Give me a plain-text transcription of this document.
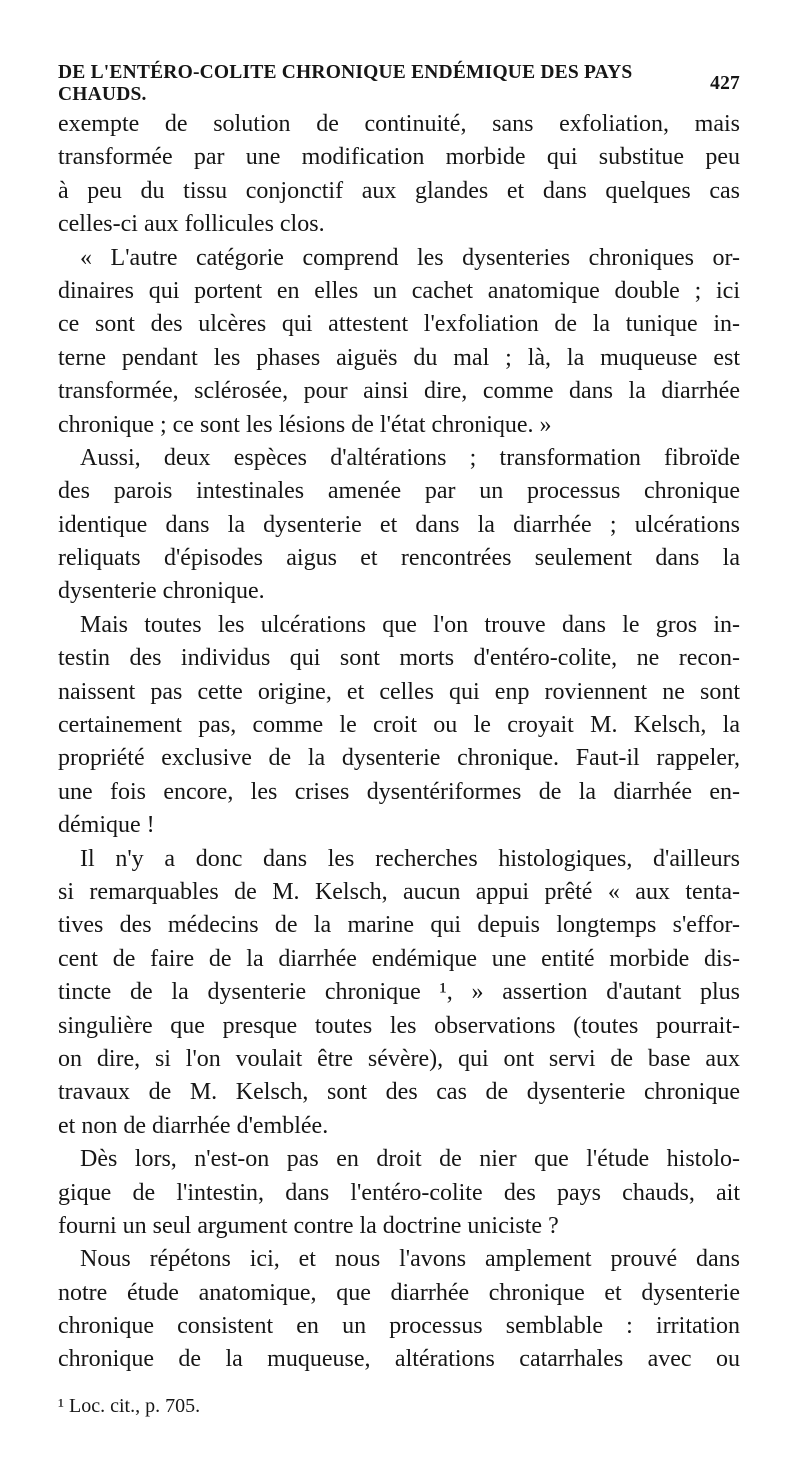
DE L'ENTÉRO-COLITE CHRONIQUE ENDÉMIQUE DES PAYS CHAUDS.
427
exempte de solution de continuité, sans exfoliation, mais
transformée par une modification morbide qui substitue peu
à peu du tissu conjonctif aux glandes et dans quelques cas
celles-ci aux follicules clos.
« L'autre catégorie comprend les dysenteries chroniques or-
dinaires qui portent en elles un cachet anatomique double ; ici
ce sont des ulcères qui attestent l'exfoliation de la tunique in-
terne pendant les phases aiguës du mal ; là, la muqueuse est
transformée, sclérosée, pour ainsi dire, comme dans la diarrhée
chronique ; ce sont les lésions de l'état chronique. »
Aussi, deux espèces d'altérations ; transformation fibroïde
des parois intestinales amenée par un processus chronique
identique dans la dysenterie et dans la diarrhée ; ulcérations
reliquats d'épisodes aigus et rencontrées seulement dans la
dysenterie chronique.
Mais toutes les ulcérations que l'on trouve dans le gros in-
testin des individus qui sont morts d'entéro-colite, ne recon-
naissent pas cette origine, et celles qui enp roviennent ne sont
certainement pas, comme le croit ou le croyait M. Kelsch, la
propriété exclusive de la dysenterie chronique. Faut-il rappeler,
une fois encore, les crises dysentériformes de la diarrhée en-
démique !
Il n'y a donc dans les recherches histologiques, d'ailleurs
si remarquables de M. Kelsch, aucun appui prêté « aux tenta-
tives des médecins de la marine qui depuis longtemps s'effor-
cent de faire de la diarrhée endémique une entité morbide dis-
tincte de la dysenterie chronique ¹, » assertion d'autant plus
singulière que presque toutes les observations (toutes pourrait-
on dire, si l'on voulait être sévère), qui ont servi de base aux
travaux de M. Kelsch, sont des cas de dysenterie chronique
et non de diarrhée d'emblée.
Dès lors, n'est-on pas en droit de nier que l'étude histolo-
gique de l'intestin, dans l'entéro-colite des pays chauds, ait
fourni un seul argument contre la doctrine uniciste ?
Nous répétons ici, et nous l'avons amplement prouvé dans
notre étude anatomique, que diarrhée chronique et dysenterie
chronique consistent en un processus semblable : irritation
chronique de la muqueuse, altérations catarrhales avec ou
¹ Loc. cit., p. 705.
